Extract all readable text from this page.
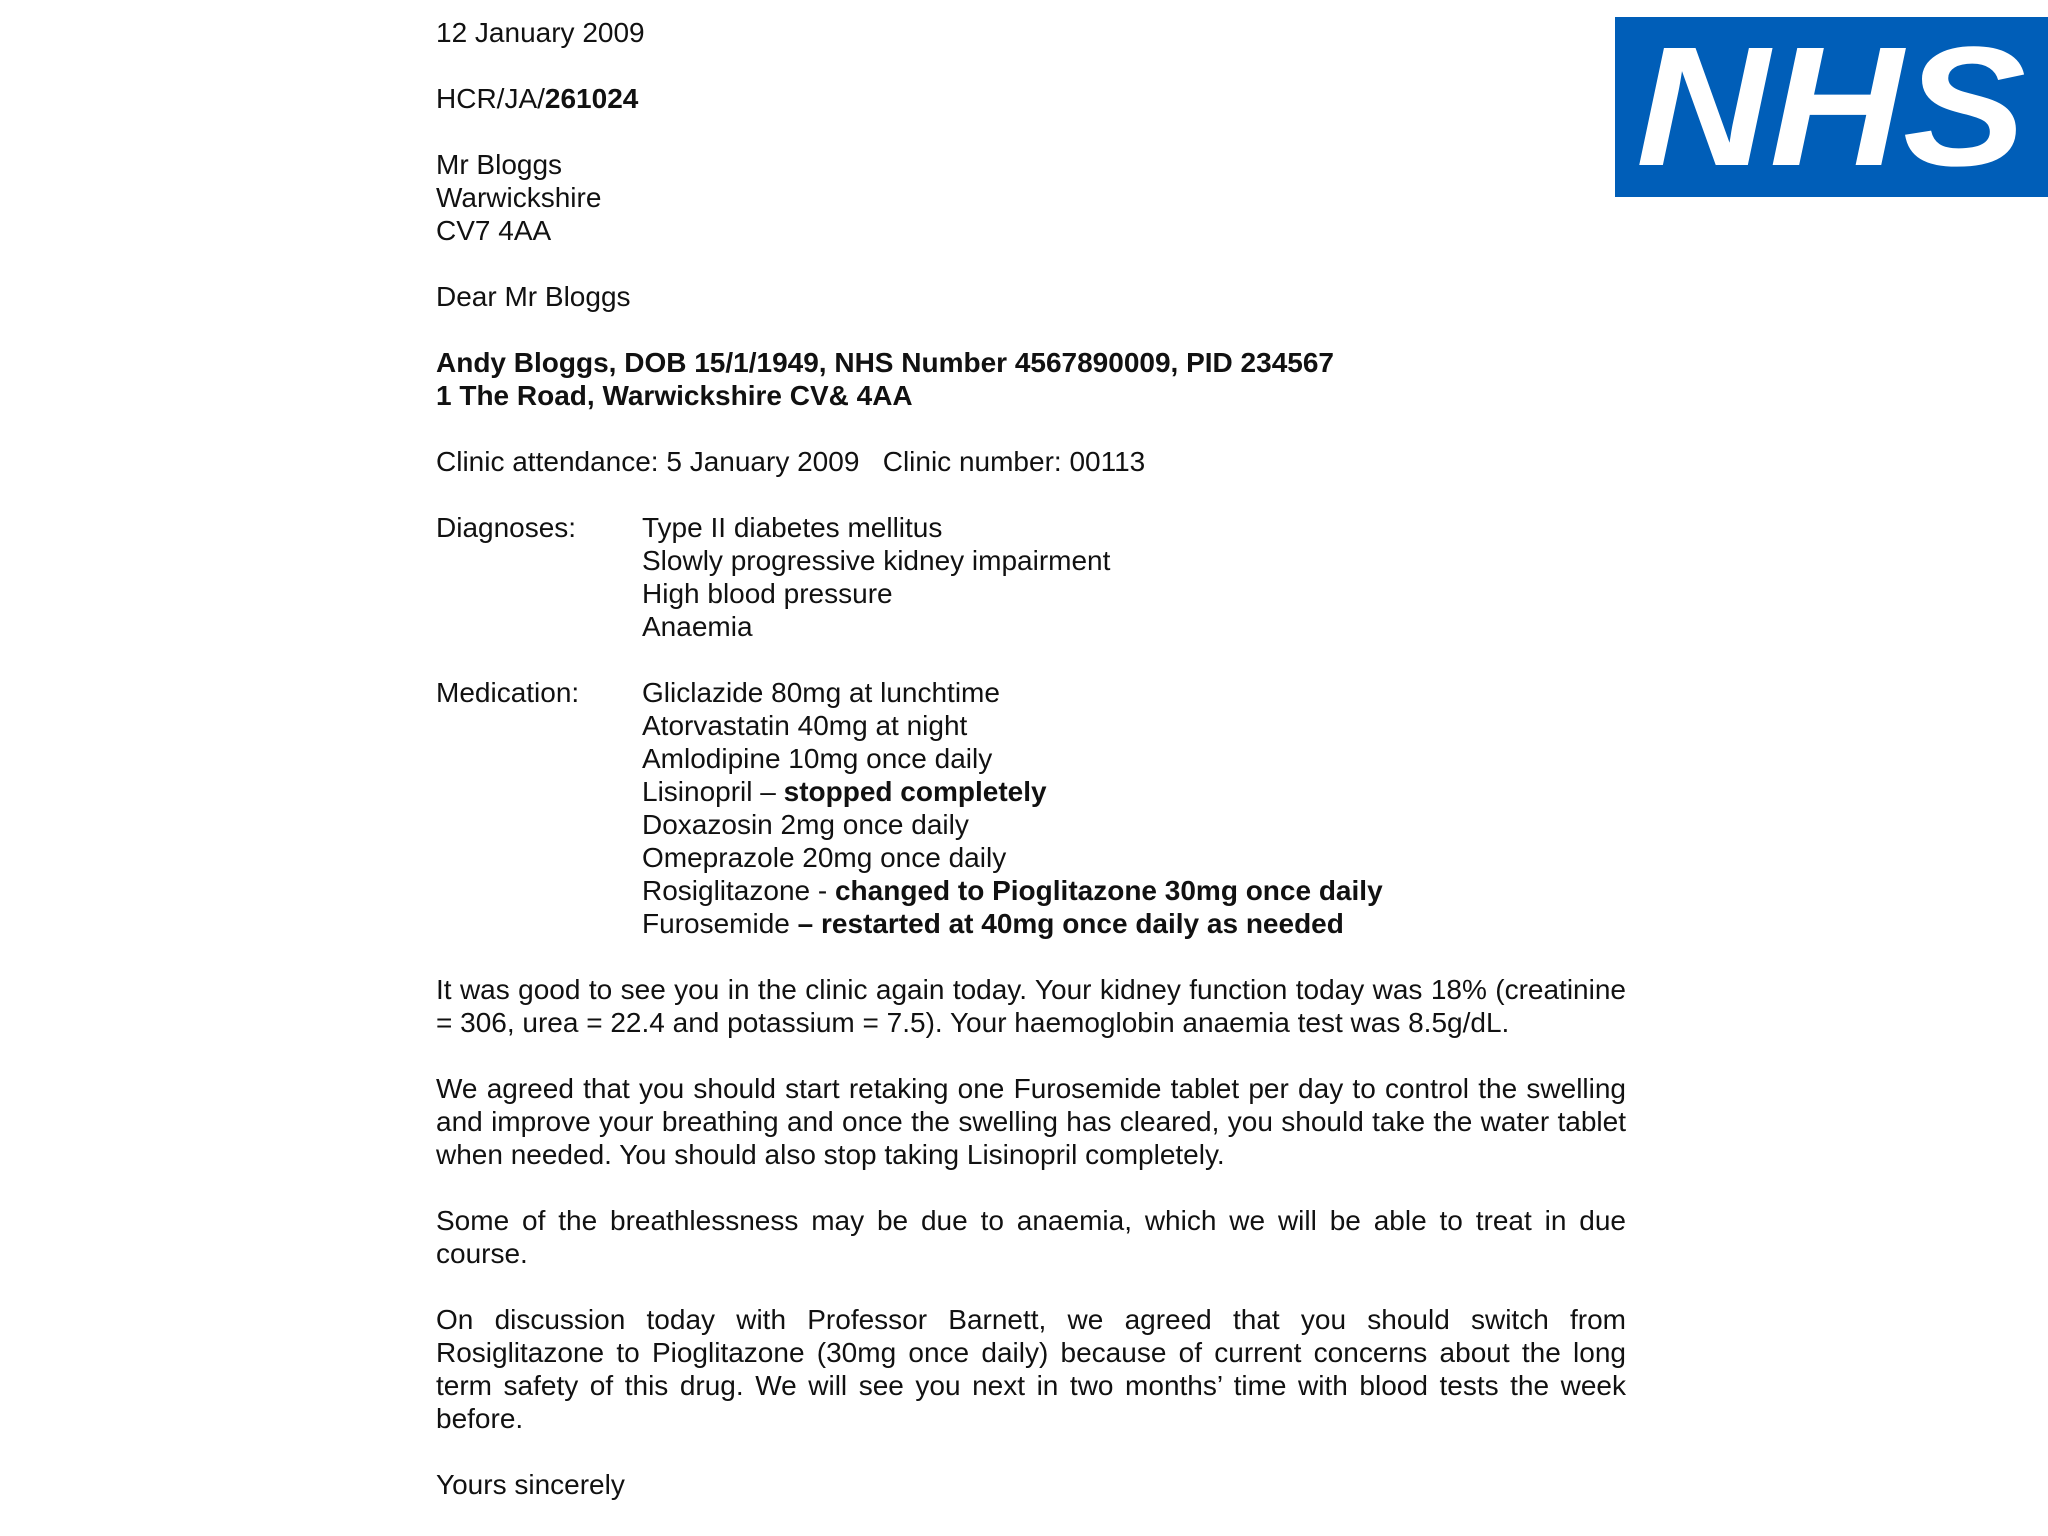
NHS
12 January 2009
HCR/JA/261024
Mr Bloggs
Warwickshire
CV7 4AA
Dear Mr Bloggs
Andy Bloggs, DOB 15/1/1949, NHS Number 4567890009, PID 234567
1 The Road, Warwickshire CV& 4AA
Clinic attendance: 5 January 2009   Clinic number: 00113
Diagnoses:	Type II diabetes mellitus
Slowly progressive kidney impairment
High blood pressure
Anaemia
Medication:	Gliclazide 80mg at lunchtime
Atorvastatin 40mg at night
Amlodipine 10mg once daily
Lisinopril – stopped completely
Doxazosin 2mg once daily
Omeprazole 20mg once daily
Rosiglitazone - changed to Pioglitazone 30mg once daily
Furosemide – restarted at 40mg once daily as needed

It was good to see you in the clinic again today. Your kidney function today was 18% (creatinine = 306, urea = 22.4 and potassium = 7.5). Your haemoglobin anaemia test was 8.5g/dL.

We agreed that you should start retaking one Furosemide tablet per day to control the swelling and improve your breathing and once the swelling has cleared, you should take the water tablet when needed. You should also stop taking Lisinopril completely.

Some of the breathlessness may be due to anaemia, which we will be able to treat in due course.

On discussion today with Professor Barnett, we agreed that you should switch from Rosiglitazone to Pioglitazone (30mg once daily) because of current concerns about the long term safety of this drug. We will see you next in two months’ time with blood tests the week before.

Yours sincerely
